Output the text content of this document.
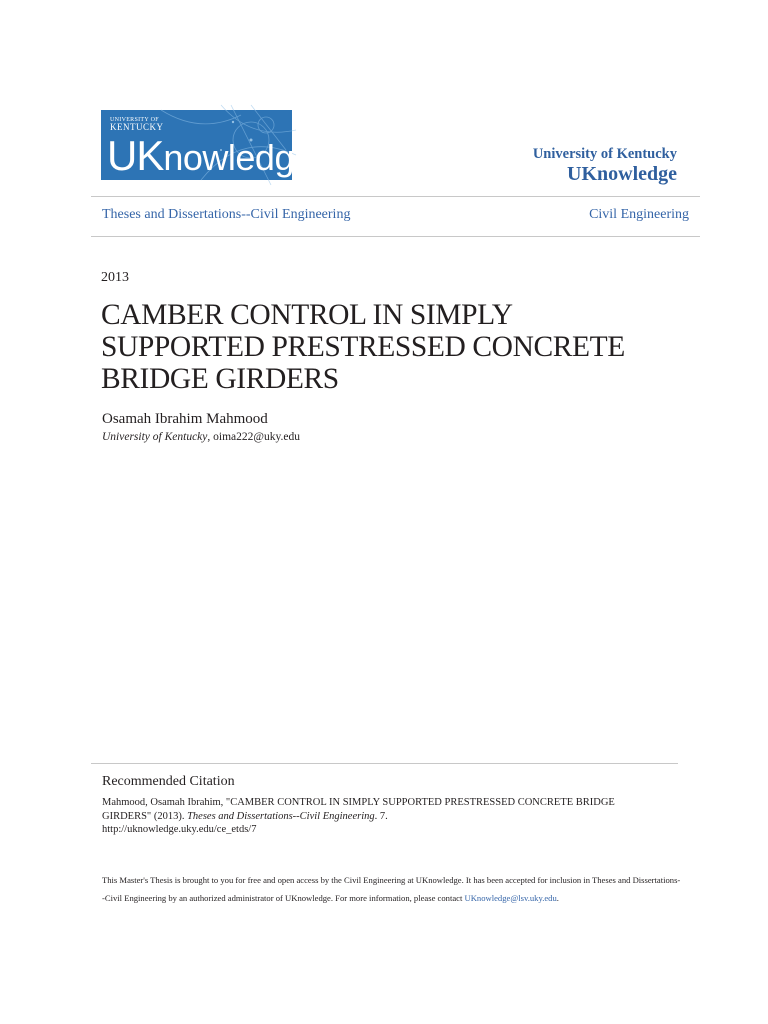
UNIVERSITY OF
KENTUCKY
UKnowledge	University of Kentucky
UKnowledge
Theses and Dissertations--Civil Engineering	Civil Engineering
2013
CAMBER CONTROL IN SIMPLY SUPPORTED PRESTRESSED CONCRETE BRIDGE GIRDERS
Osamah Ibrahim Mahmood
University of Kentucky, oima222@uky.edu
Recommended Citation
Mahmood, Osamah Ibrahim, "CAMBER CONTROL IN SIMPLY SUPPORTED PRESTRESSED CONCRETE BRIDGE GIRDERS" (2013). Theses and Dissertations--Civil Engineering. 7.
http://uknowledge.uky.edu/ce_etds/7
This Master's Thesis is brought to you for free and open access by the Civil Engineering at UKnowledge. It has been accepted for inclusion in Theses and Dissertations--Civil Engineering by an authorized administrator of UKnowledge. For more information, please contact UKnowledge@lsv.uky.edu.
